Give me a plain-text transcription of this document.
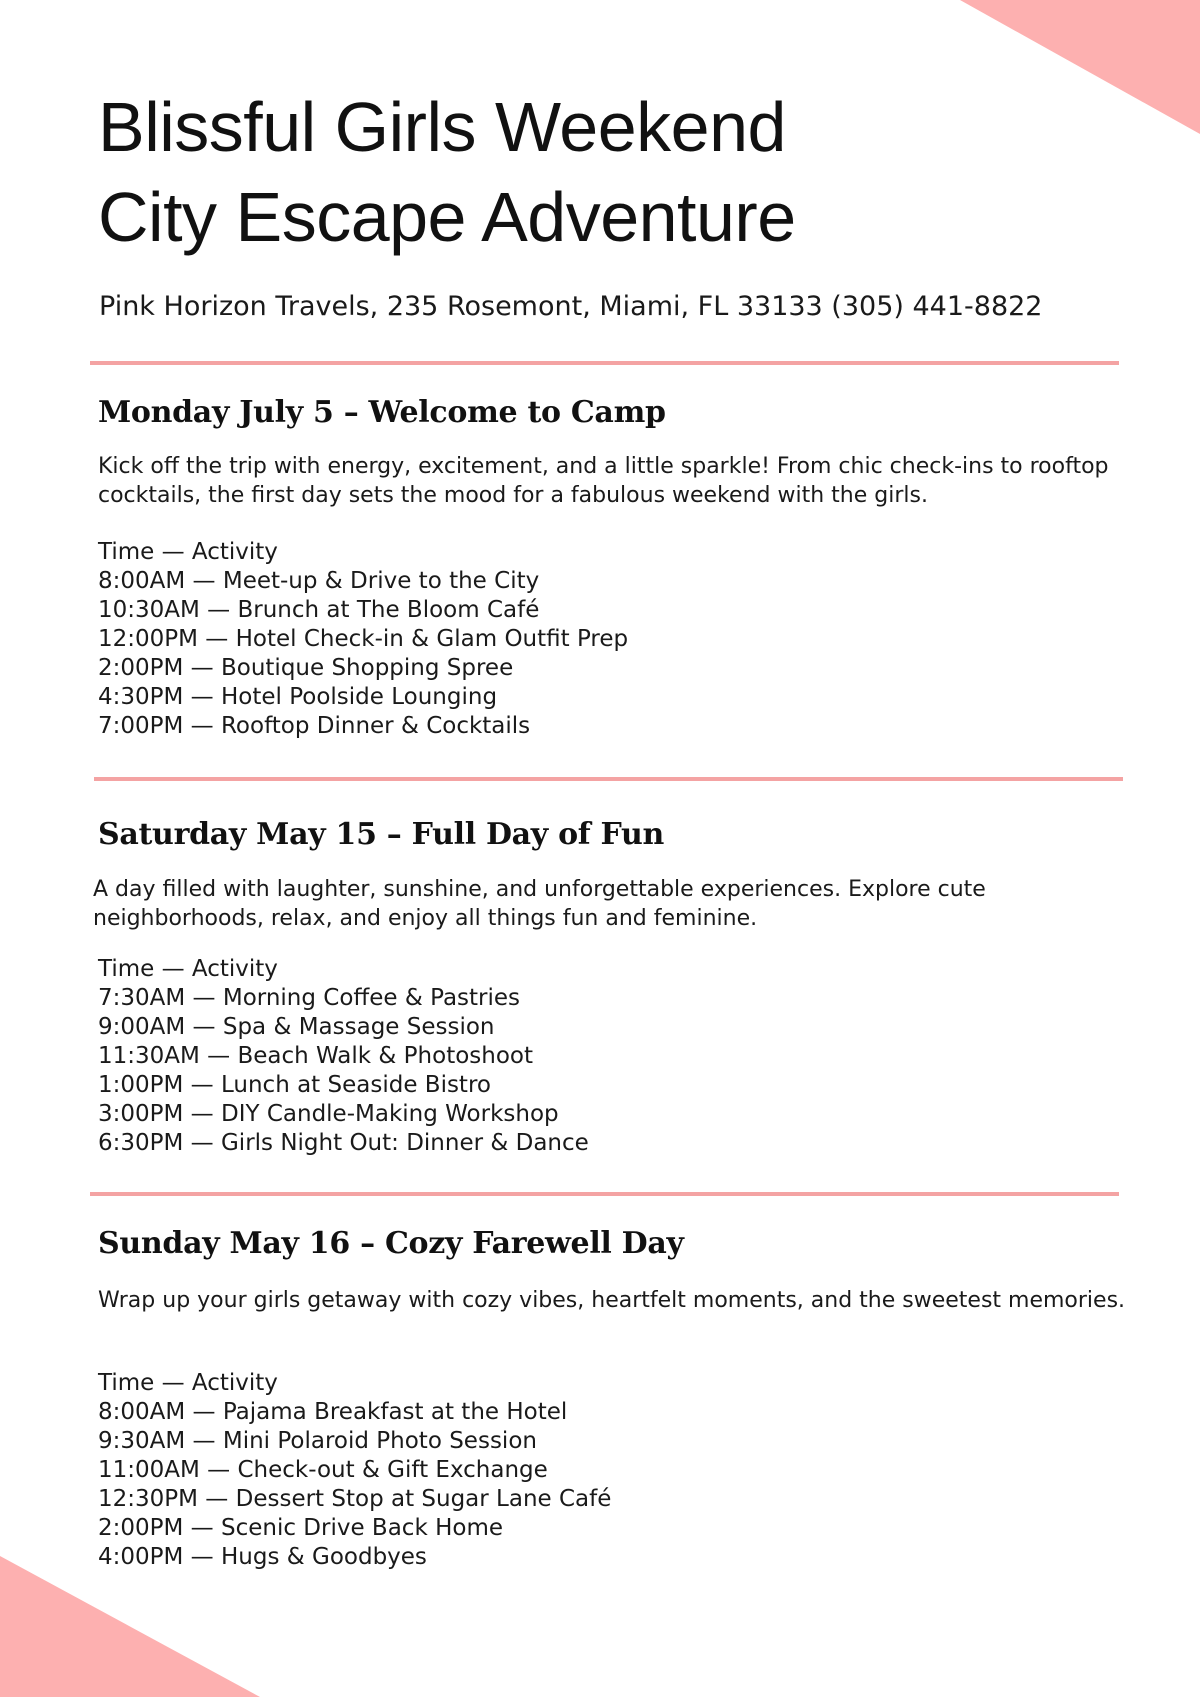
Blissful Girls Weekend
City Escape Adventure

Pink Horizon Travels, 235 Rosemont, Miami, FL 33133 (305) 441-8822

Monday July 5 – Welcome to Camp

Kick off the trip with energy, excitement, and a little sparkle! From chic check-ins to rooftop cocktails, the first day sets the mood for a fabulous weekend with the girls.

Time — Activity
8:00AM — Meet-up & Drive to the City
10:30AM — Brunch at The Bloom Café
12:00PM — Hotel Check-in & Glam Outfit Prep
2:00PM — Boutique Shopping Spree
4:30PM — Hotel Poolside Lounging
7:00PM — Rooftop Dinner & Cocktails
Saturday May 15 – Full Day of Fun

A day filled with laughter, sunshine, and unforgettable experiences. Explore cute neighborhoods, relax, and enjoy all things fun and feminine.

Time — Activity
7:30AM — Morning Coffee & Pastries
9:00AM — Spa & Massage Session
11:30AM — Beach Walk & Photoshoot
1:00PM — Lunch at Seaside Bistro
3:00PM — DIY Candle-Making Workshop
6:30PM — Girls Night Out: Dinner & Dance
Sunday May 16 – Cozy Farewell Day

Wrap up your girls getaway with cozy vibes, heartfelt moments, and the sweetest memories.

Time — Activity
8:00AM — Pajama Breakfast at the Hotel
9:30AM — Mini Polaroid Photo Session
11:00AM — Check-out & Gift Exchange
12:30PM — Dessert Stop at Sugar Lane Café
2:00PM — Scenic Drive Back Home
4:00PM — Hugs & Goodbyes
